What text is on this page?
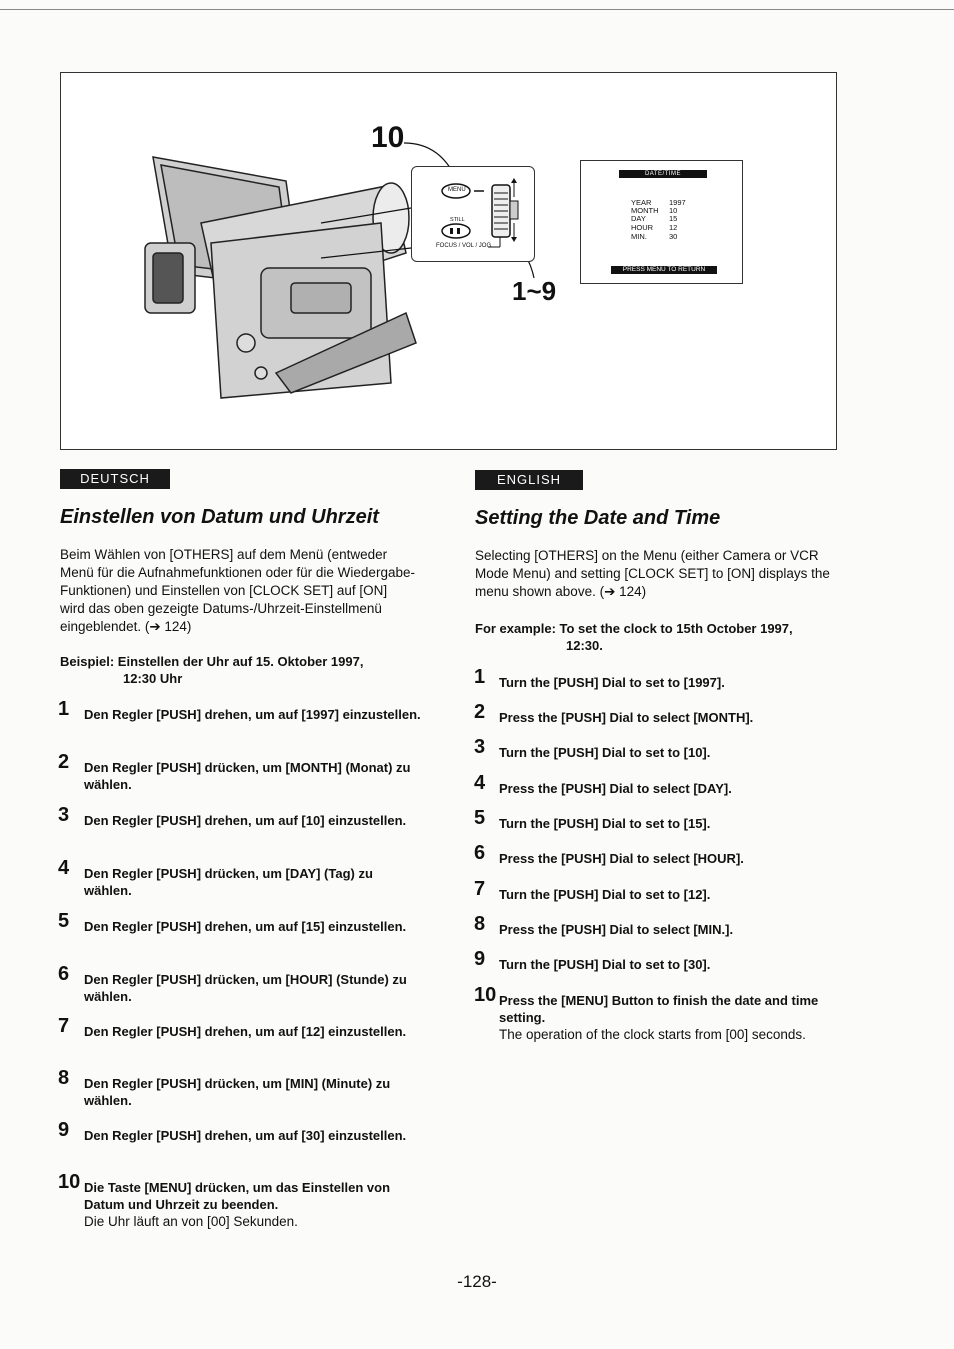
10
1~9
MENU
STILL
FOCUS / VOL / JOG
DATE/TIME
YEAR 1997
MONTH 10
DAY	15
HOUR 12
MIN.	30
PRESS MENU TO RETURN
DEUTSCH
Einstellen von Datum und Uhrzeit
Beim Wählen von [OTHERS] auf dem Menü (entweder Menü für die Aufnahmefunktionen oder für die Wiedergabe-Funktionen) und Einstellen von [CLOCK SET] auf [ON] wird das oben gezeigte Datums-/Uhrzeit-Einstellmenü eingeblendet. (➔ 124)
Beispiel: Einstellen der Uhr auf 15. Oktober 1997,
12:30 Uhr
1	Den Regler [PUSH] drehen, um auf [1997] einzustellen.
2	Den Regler [PUSH] drücken, um [MONTH] (Monat) zu wählen.
3	Den Regler [PUSH] drehen, um auf [10] einzustellen.
4	Den Regler [PUSH] drücken, um [DAY] (Tag) zu wählen.
5	Den Regler [PUSH] drehen, um auf [15] einzustellen.
6	Den Regler [PUSH] drücken, um [HOUR] (Stunde) zu wählen.
7	Den Regler [PUSH] drehen, um auf [12] einzustellen.
8	Den Regler [PUSH] drücken, um [MIN] (Minute) zu wählen.
9	Den Regler [PUSH] drehen, um auf [30] einzustellen.
10 Die Taste [MENU] drücken, um das Einstellen von Datum und Uhrzeit zu beenden.
Die Uhr läuft an von [00] Sekunden.
ENGLISH
Setting the Date and Time
Selecting [OTHERS] on the Menu (either Camera or VCR Mode Menu) and setting [CLOCK SET] to [ON] displays the menu shown above. (➔ 124)
For example: To set the clock to 15th October 1997,
12:30.
1	Turn the [PUSH] Dial to set to [1997].
2	Press the [PUSH] Dial to select [MONTH].
3	Turn the [PUSH] Dial to set to [10].
4	Press the [PUSH] Dial to select [DAY].
5	Turn the [PUSH] Dial to set to [15].
6	Press the [PUSH] Dial to select [HOUR].
7	Turn the [PUSH] Dial to set to [12].
8	Press the [PUSH] Dial to select [MIN.].
9	Turn the [PUSH] Dial to set to [30].
10 Press the [MENU] Button to finish the date and time setting.
The operation of the clock starts from [00] seconds.
-128-
